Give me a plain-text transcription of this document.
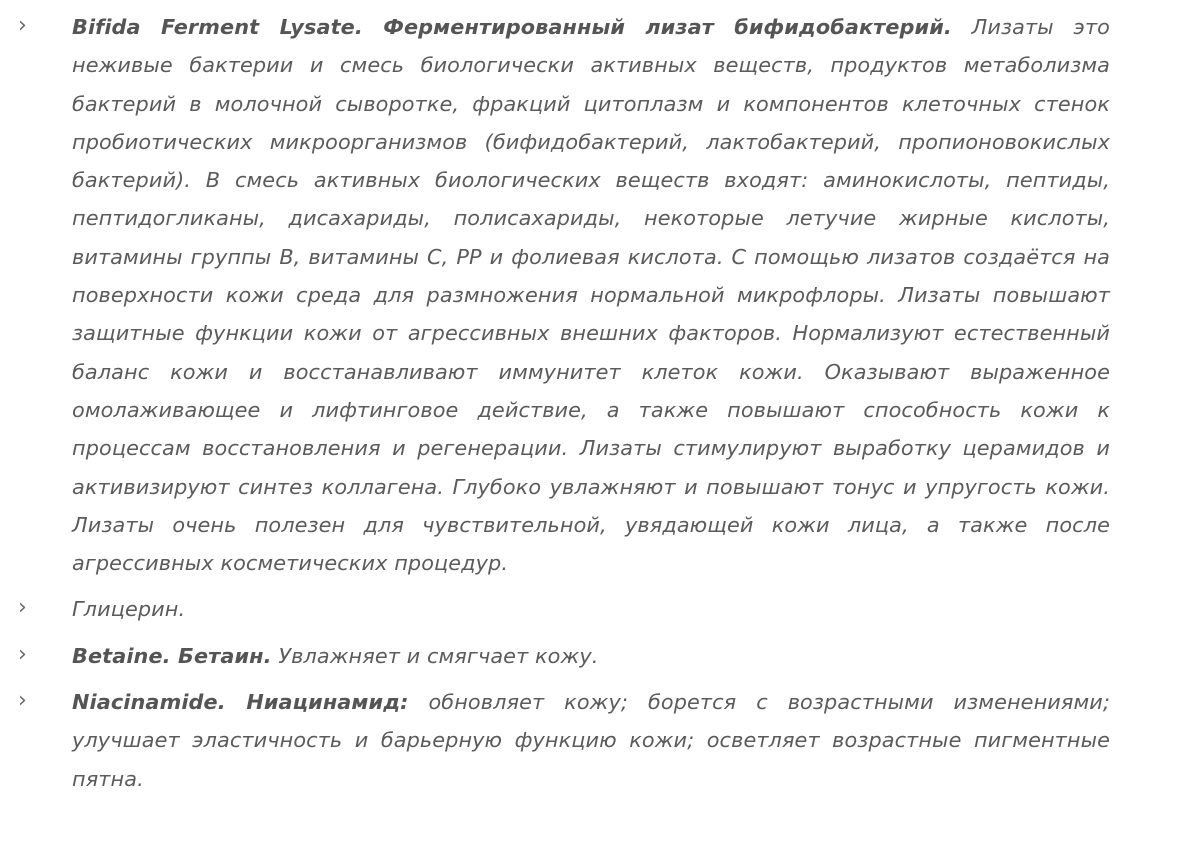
› Bifida Ferment Lysate. Ферментированный лизат бифидобактерий. Лизаты это неживые бактерии и смесь биологически активных веществ, продуктов метаболизма бактерий в молочной сыворотке, фракций цитоплазм и компонентов клеточных стенок пробиотических микроорганизмов (бифидобактерий, лактобактерий, пропионовокислых бактерий). В смесь активных биологических веществ входят: аминокислоты, пептиды, пептидогликаны, дисахариды, полисахариды, некоторые летучие жирные кислоты, витамины группы В, витамины С, РР и фолиевая кислота. С помощью лизатов создаётся на поверхности кожи среда для размножения нормальной микрофлоры. Лизаты повышают защитные функции кожи от агрессивных внешних факторов. Нормализуют естественный баланс кожи и восстанавливают иммунитет клеток кожи. Оказывают выраженное омолаживающее и лифтинговое действие, а также повышают способность кожи к процессам восстановления и регенерации. Лизаты стимулируют выработку церамидов и активизируют синтез коллагена. Глубоко увлажняют и повышают тонус и упругость кожи. Лизаты очень полезен для чувствительной, увядающей кожи лица, а также после агрессивных косметических процедур.

› Глицерин.

› Betaine. Бетаин. Увлажняет и смягчает кожу.

› Niacinamide. Ниацинамид: обновляет кожу; борется с возрастными изменениями; улучшает эластичность и барьерную функцию кожи; осветляет возрастные пигментные пятна.
